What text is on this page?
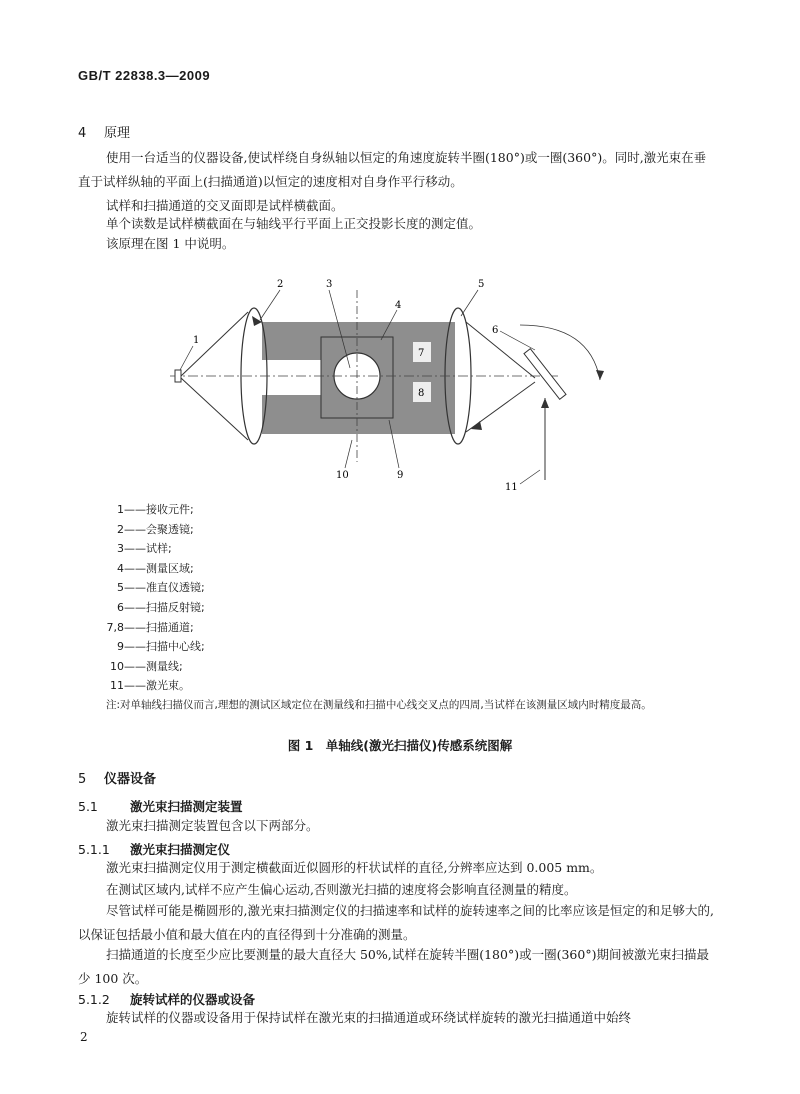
GB/T 22838.3—2009
4 原理
使用一台适当的仪器设备,使试样绕自身纵轴以恒定的角速度旋转半圈(180°)或一圈(360°)。同时,激光束在垂直于试样纵轴的平面上(扫描通道)以恒定的速度相对自身作平行移动。
试样和扫描通道的交叉面即是试样横截面。
单个读数是试样横截面在与轴线平行平面上正交投影长度的测定值。
该原理在图 1 中说明。
1
2	3
4
5
6
7
8
9
10
11
1——接收元件;
2——会聚透镜;
3——试样;
4——测量区域;
5——准直仪透镜;
6——扫描反射镜;
7,8——扫描通道;
9——扫描中心线;
10——测量线;
11——激光束。
注:对单轴线扫描仪而言,理想的测试区域定位在测量线和扫描中心线交叉点的四周,当试样在该测量区域内时精度最高。
图 1　单轴线(激光扫描仪)传感系统图解
5 仪器设备
5.1	激光束扫描测定装置
激光束扫描测定装置包含以下两部分。
5.1.1 激光束扫描测定仪
激光束扫描测定仪用于测定横截面近似圆形的杆状试样的直径,分辨率应达到 0.005 mm。
在测试区域内,试样不应产生偏心运动,否则激光扫描的速度将会影响直径测量的精度。
尽管试样可能是椭圆形的,激光束扫描测定仪的扫描速率和试样的旋转速率之间的比率应该是恒定的和足够大的,以保证包括最小值和最大值在内的直径得到十分准确的测量。
扫描通道的长度至少应比要测量的最大直径大 50%,试样在旋转半圈(180°)或一圈(360°)期间被激光束扫描最少 100 次。
5.1.2 旋转试样的仪器或设备
旋转试样的仪器或设备用于保持试样在激光束的扫描通道或环绕试样旋转的激光扫描通道中始终
2
